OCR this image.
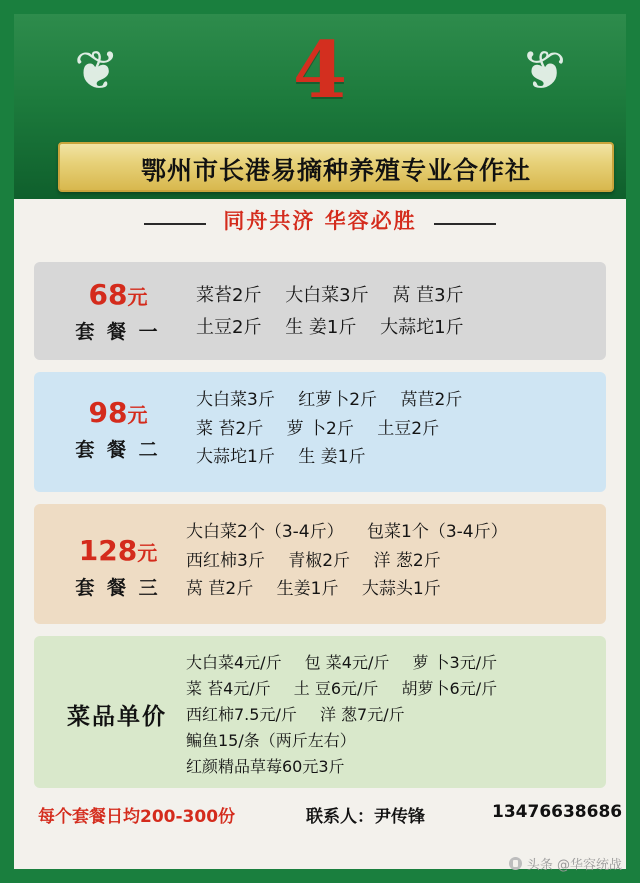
❦	❦
4
鄂州市长港易摘种养殖专业合作社
同舟共济 华容必胜
68元
套 餐 一
菜苔2斤 大白菜3斤 莴 苣3斤
土豆2斤 生 姜1斤 大蒜坨1斤
98元
套 餐 二
大白菜3斤 红萝卜2斤 莴苣2斤
菜 苔2斤 萝 卜2斤 土豆2斤
大蒜坨1斤 生 姜1斤
128元
套 餐 三
大白菜2个（3-4斤） 包菜1个（3-4斤）
西红柿3斤 青椒2斤 洋 葱2斤
莴 苣2斤 生姜1斤 大蒜头1斤
菜品单价
大白菜4元/斤 包 菜4元/斤 萝 卜3元/斤
菜 苔4元/斤 土 豆6元/斤 胡萝卜6元/斤
西红柿7.5元/斤 洋 葱7元/斤
鳊鱼15/条（两斤左右）
红颜精品草莓60元3斤
每个套餐日均200-300份	联系人：尹传锋	13476638686
头条 @华容统战
